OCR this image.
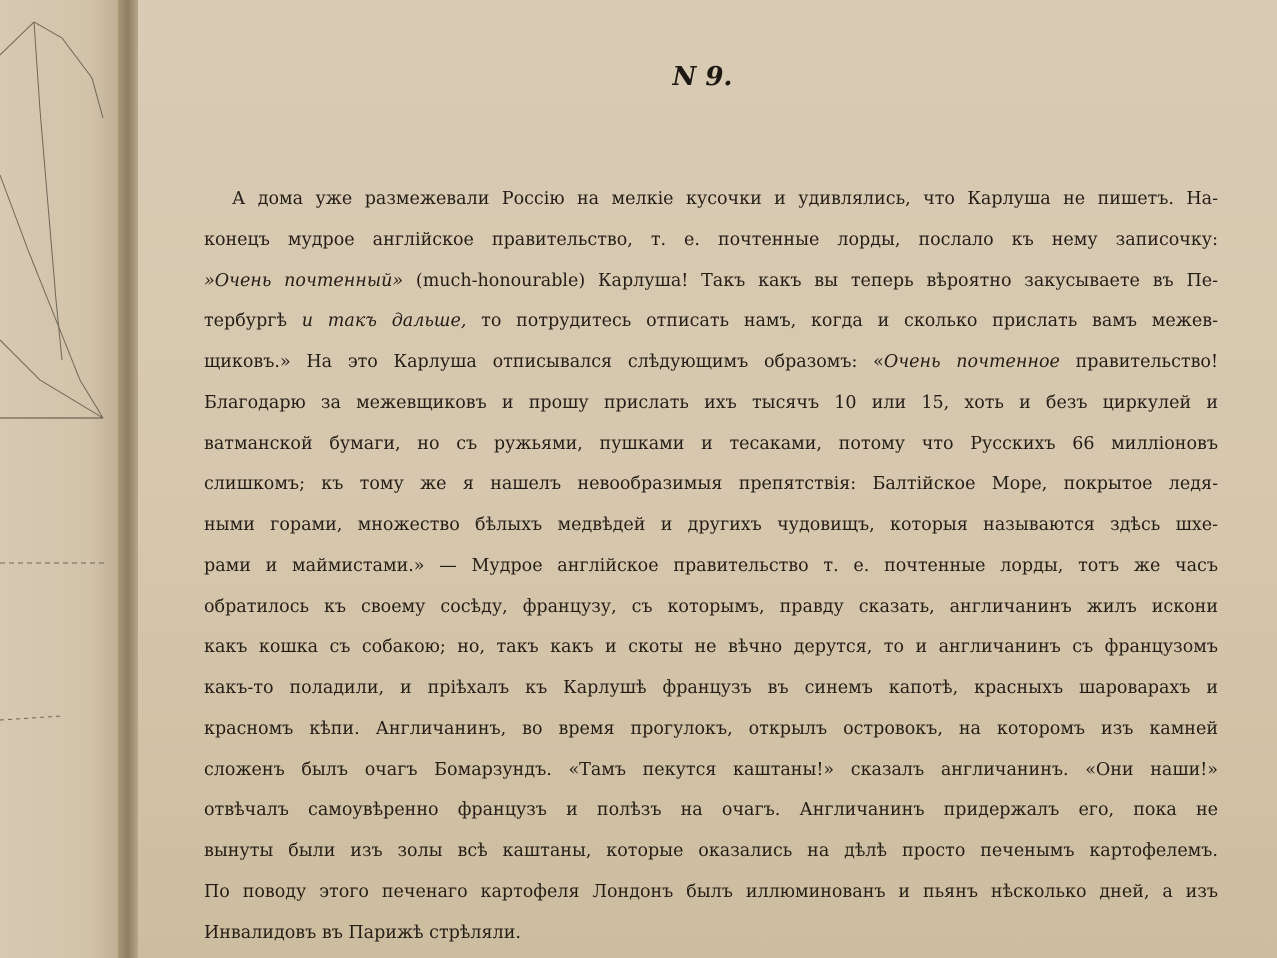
N 9.
А дома уже размежевали Россію на мелкіе кусочки и удивлялись, что Карлуша не пишетъ. На-
конецъ мудрое англійское правительство, т. е. почтенные лорды, послало къ нему записочку:
»Очень почтенный» (much-honourable) Карлуша! Такъ какъ вы теперь вѣроятно закусываете въ Пе-
тербургѣ и такъ дальше, то потрудитесь отписать намъ, когда и сколько прислать вамъ межев-
щиковъ.» На это Карлуша отписывался слѣдующимъ образомъ: «Очень почтенное правительство!
Благодарю за межевщиковъ и прошу прислать ихъ тысячъ 10 или 15, хоть и безъ циркулей и
ватманской бумаги, но съ ружьями, пушками и тесаками, потому что Русскихъ 66 милліоновъ
слишкомъ; къ тому же я нашелъ невообразимыя препятствія: Балтійское Море, покрытое ледя-
ными горами, множество бѣлыхъ медвѣдей и другихъ чудовищъ, которыя называются здѣсь шхе-
рами и маймистами.» — Мудрое англійское правительство т. е. почтенные лорды, тотъ же часъ
обратилось къ своему сосѣду, французу, съ которымъ, правду сказать, англичанинъ жилъ искони
какъ кошка съ собакою; но, такъ какъ и скоты не вѣчно дерутся, то и англичанинъ съ французомъ
какъ-то поладили, и пріѣхалъ къ Карлушѣ французъ въ синемъ капотѣ, красныхъ шароварахъ и
красномъ кѣпи. Англичанинъ, во время прогулокъ, открылъ островокъ, на которомъ изъ камней
сложенъ былъ очагъ Бомарзундъ. «Тамъ пекутся каштаны!» сказалъ англичанинъ. «Они наши!»
отвѣчалъ самоувѣренно французъ и полѣзъ на очагъ. Англичанинъ придержалъ его, пока не
вынуты были изъ золы всѣ каштаны, которые оказались на дѣлѣ просто печенымъ картофелемъ.
По поводу этого печенаго картофеля Лондонъ былъ иллюминованъ и пьянъ нѣсколько дней, а изъ
Инвалидовъ въ Парижѣ стрѣляли.
